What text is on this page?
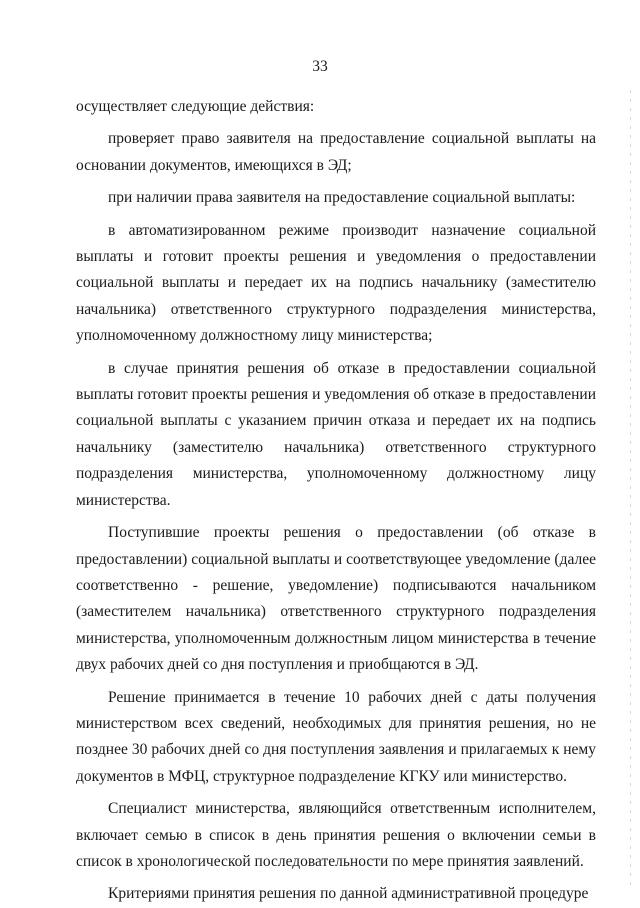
33

осуществляет следующие действия:

проверяет право заявителя на предоставление социальной выплаты на основании документов, имеющихся в ЭД;

при наличии права заявителя на предоставление социальной выплаты:

в автоматизированном режиме производит назначение социальной выплаты и готовит проекты решения и уведомления о предоставлении социальной выплаты и передает их на подпись начальнику (заместителю начальника) ответственного структурного подразделения министерства, уполномоченному должностному лицу министерства;

в случае принятия решения об отказе в предоставлении социальной выплаты готовит проекты решения и уведомления об отказе в предоставлении социальной выплаты с указанием причин отказа и передает их на подпись начальнику (заместителю начальника) ответственного структурного подразделения министерства, уполномоченному должностному лицу министерства.

Поступившие проекты решения о предоставлении (об отказе в предоставлении) социальной выплаты и соответствующее уведомление (далее соответственно - решение, уведомление) подписываются начальником (заместителем начальника) ответственного структурного подразделения министерства, уполномоченным должностным лицом министерства в течение двух рабочих дней со дня поступления и приобщаются в ЭД.

Решение принимается в течение 10 рабочих дней с даты получения министерством всех сведений, необходимых для принятия решения, но не позднее 30 рабочих дней со дня поступления заявления и прилагаемых к нему документов в МФЦ, структурное подразделение КГКУ или министерство.

Специалист министерства, являющийся ответственным исполнителем, включает семью в список в день принятия решения о включении семьи в список в хронологической последовательности по мере принятия заявлений.

Критериями принятия решения по данной административной процедуре
